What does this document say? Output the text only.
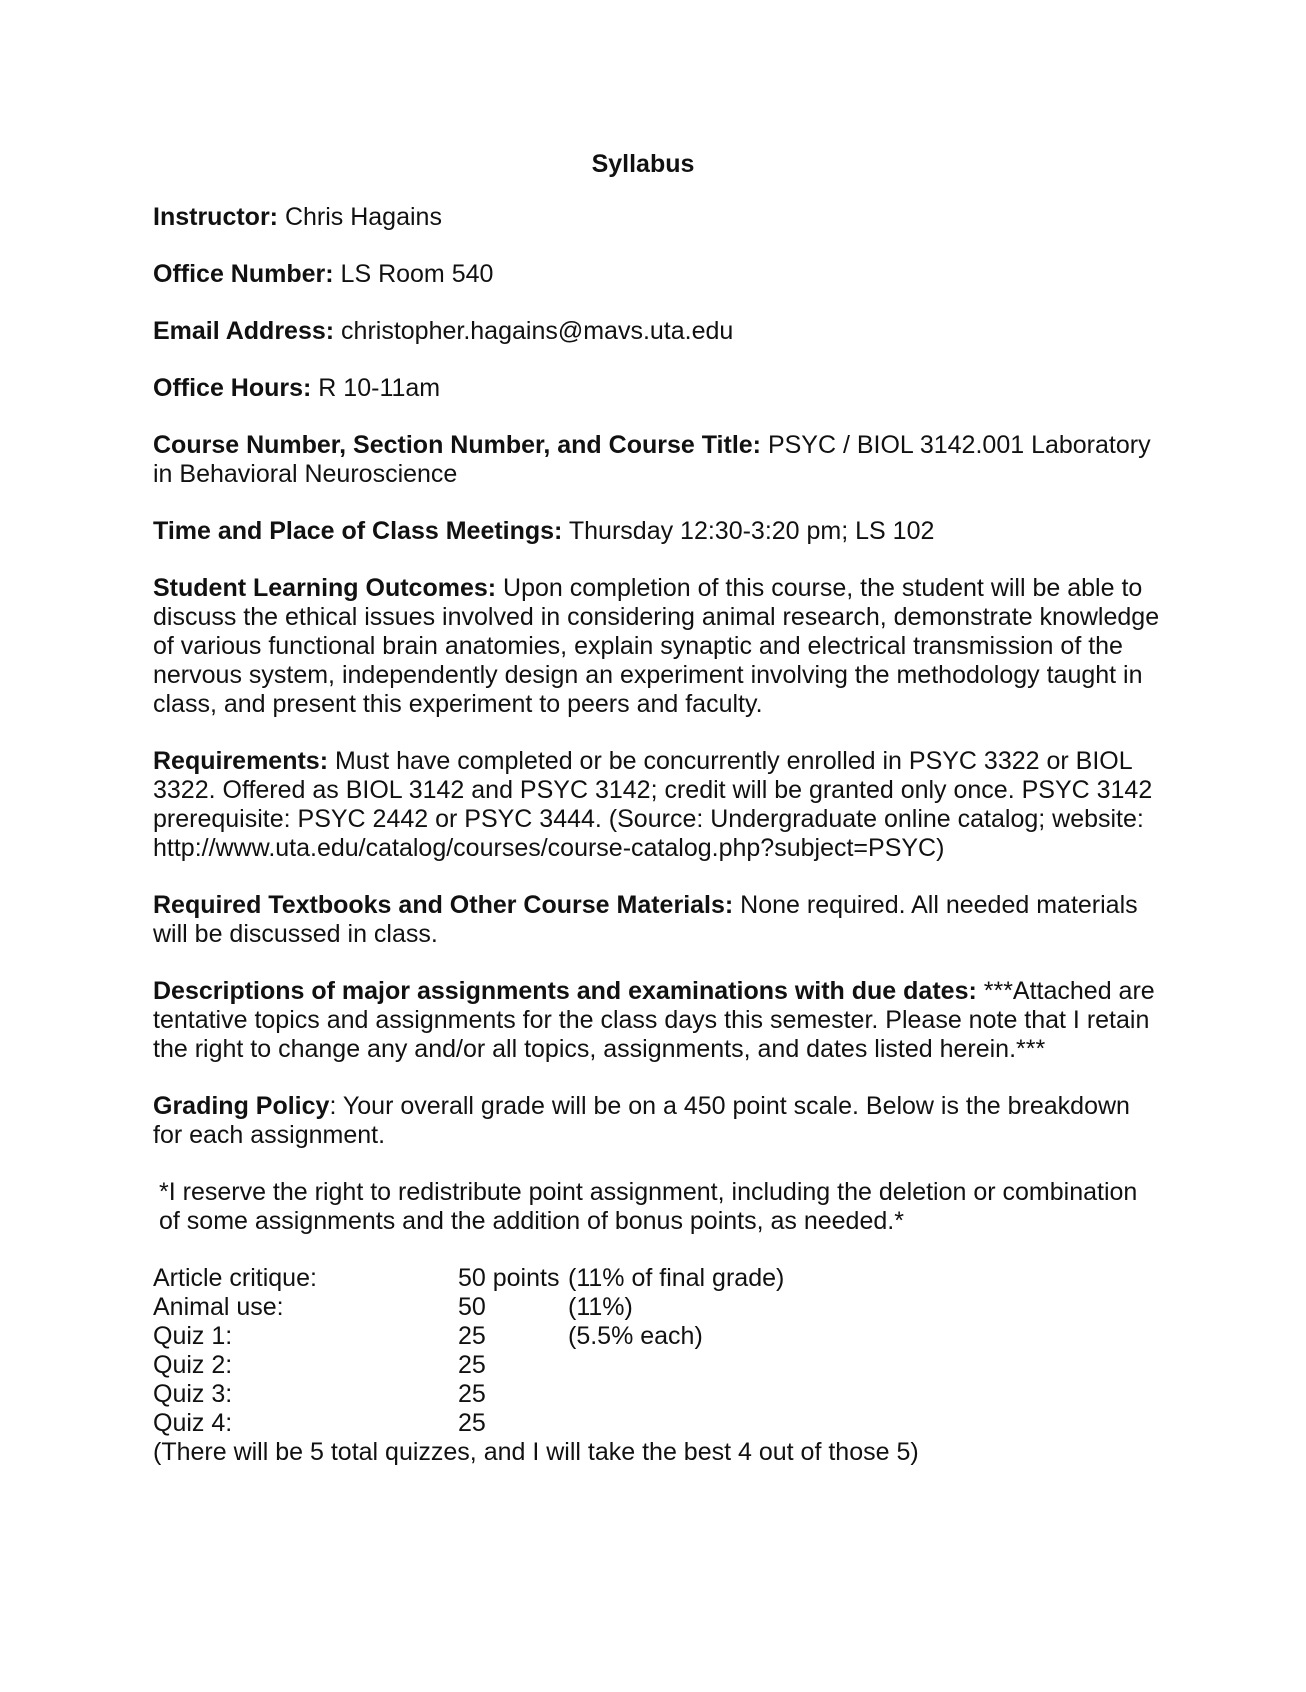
Syllabus
Instructor: Chris Hagains
Office Number: LS Room 540
Email Address: christopher.hagains@mavs.uta.edu
Office Hours: R 10-11am
Course Number, Section Number, and Course Title: PSYC / BIOL 3142.001 Laboratory in Behavioral Neuroscience
Time and Place of Class Meetings: Thursday 12:30-3:20 pm; LS 102
Student Learning Outcomes: Upon completion of this course, the student will be able to discuss the ethical issues involved in considering animal research, demonstrate knowledge of various functional brain anatomies, explain synaptic and electrical transmission of the nervous system, independently design an experiment involving the methodology taught in class, and present this experiment to peers and faculty.
Requirements: Must have completed or be concurrently enrolled in PSYC 3322 or BIOL 3322. Offered as BIOL 3142 and PSYC 3142; credit will be granted only once. PSYC 3142 prerequisite: PSYC 2442 or PSYC 3444. (Source: Undergraduate online catalog; website: http://www.uta.edu/catalog/courses/course-catalog.php?subject=PSYC)
Required Textbooks and Other Course Materials: None required. All needed materials will be discussed in class.
Descriptions of major assignments and examinations with due dates: ***Attached are tentative topics and assignments for the class days this semester. Please note that I retain the right to change any and/or all topics, assignments, and dates listed herein.***
Grading Policy: Your overall grade will be on a 450 point scale. Below is the breakdown for each assignment.
*I reserve the right to redistribute point assignment, including the deletion or combination of some assignments and the addition of bonus points, as needed.*
Article critique:	50 points (11% of final grade)
Animal use:	50	(11%)
Quiz 1:	25	(5.5% each)
Quiz 2:	25
Quiz 3:	25
Quiz 4:	25
(There will be 5 total quizzes, and I will take the best 4 out of those 5)
